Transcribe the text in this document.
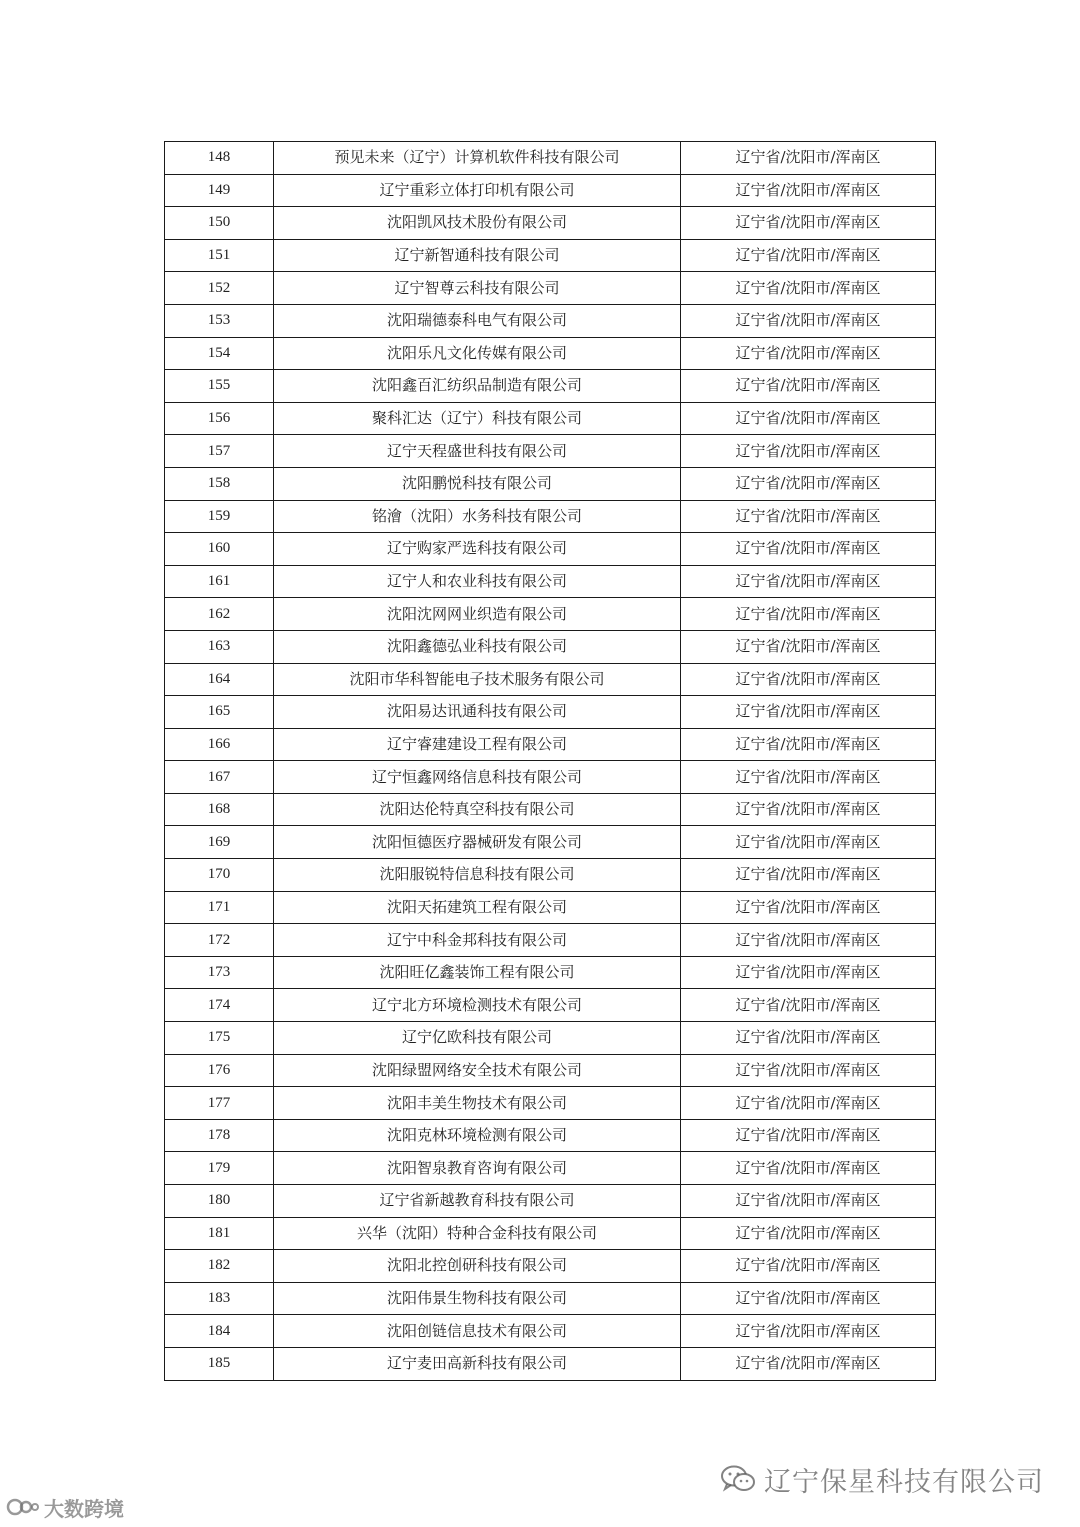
148	预见未来（辽宁）计算机软件科技有限公司	辽宁省/沈阳市/浑南区
149	辽宁重彩立体打印机有限公司	辽宁省/沈阳市/浑南区
150	沈阳凯风技术股份有限公司	辽宁省/沈阳市/浑南区
151	辽宁新智通科技有限公司	辽宁省/沈阳市/浑南区
152	辽宁智尊云科技有限公司	辽宁省/沈阳市/浑南区
153	沈阳瑞德泰科电气有限公司	辽宁省/沈阳市/浑南区
154	沈阳乐凡文化传媒有限公司	辽宁省/沈阳市/浑南区
155	沈阳鑫百汇纺织品制造有限公司	辽宁省/沈阳市/浑南区
156	聚科汇达（辽宁）科技有限公司	辽宁省/沈阳市/浑南区
157	辽宁天程盛世科技有限公司	辽宁省/沈阳市/浑南区
158	沈阳鹏悦科技有限公司	辽宁省/沈阳市/浑南区
159	铭澮（沈阳）水务科技有限公司	辽宁省/沈阳市/浑南区
160	辽宁购家严选科技有限公司	辽宁省/沈阳市/浑南区
161	辽宁人和农业科技有限公司	辽宁省/沈阳市/浑南区
162	沈阳沈网网业织造有限公司	辽宁省/沈阳市/浑南区
163	沈阳鑫德弘业科技有限公司	辽宁省/沈阳市/浑南区
164	沈阳市华科智能电子技术服务有限公司	辽宁省/沈阳市/浑南区
165	沈阳易达讯通科技有限公司	辽宁省/沈阳市/浑南区
166	辽宁睿建建设工程有限公司	辽宁省/沈阳市/浑南区
167	辽宁恒鑫网络信息科技有限公司	辽宁省/沈阳市/浑南区
168	沈阳达伦特真空科技有限公司	辽宁省/沈阳市/浑南区
169	沈阳恒德医疗器械研发有限公司	辽宁省/沈阳市/浑南区
170	沈阳服锐特信息科技有限公司	辽宁省/沈阳市/浑南区
171	沈阳天拓建筑工程有限公司	辽宁省/沈阳市/浑南区
172	辽宁中科金邦科技有限公司	辽宁省/沈阳市/浑南区
173	沈阳旺亿鑫装饰工程有限公司	辽宁省/沈阳市/浑南区
174	辽宁北方环境检测技术有限公司	辽宁省/沈阳市/浑南区
175	辽宁亿欧科技有限公司	辽宁省/沈阳市/浑南区
176	沈阳绿盟网络安全技术有限公司	辽宁省/沈阳市/浑南区
177	沈阳丰美生物技术有限公司	辽宁省/沈阳市/浑南区
178	沈阳克林环境检测有限公司	辽宁省/沈阳市/浑南区
179	沈阳智泉教育咨询有限公司	辽宁省/沈阳市/浑南区
180	辽宁省新越教育科技有限公司	辽宁省/沈阳市/浑南区
181	兴华（沈阳）特种合金科技有限公司	辽宁省/沈阳市/浑南区
182	沈阳北控创研科技有限公司	辽宁省/沈阳市/浑南区
183	沈阳伟景生物科技有限公司	辽宁省/沈阳市/浑南区
184	沈阳创链信息技术有限公司	辽宁省/沈阳市/浑南区
185	辽宁麦田高新科技有限公司	辽宁省/沈阳市/浑南区
辽宁保星科技有限公司
大数跨境
